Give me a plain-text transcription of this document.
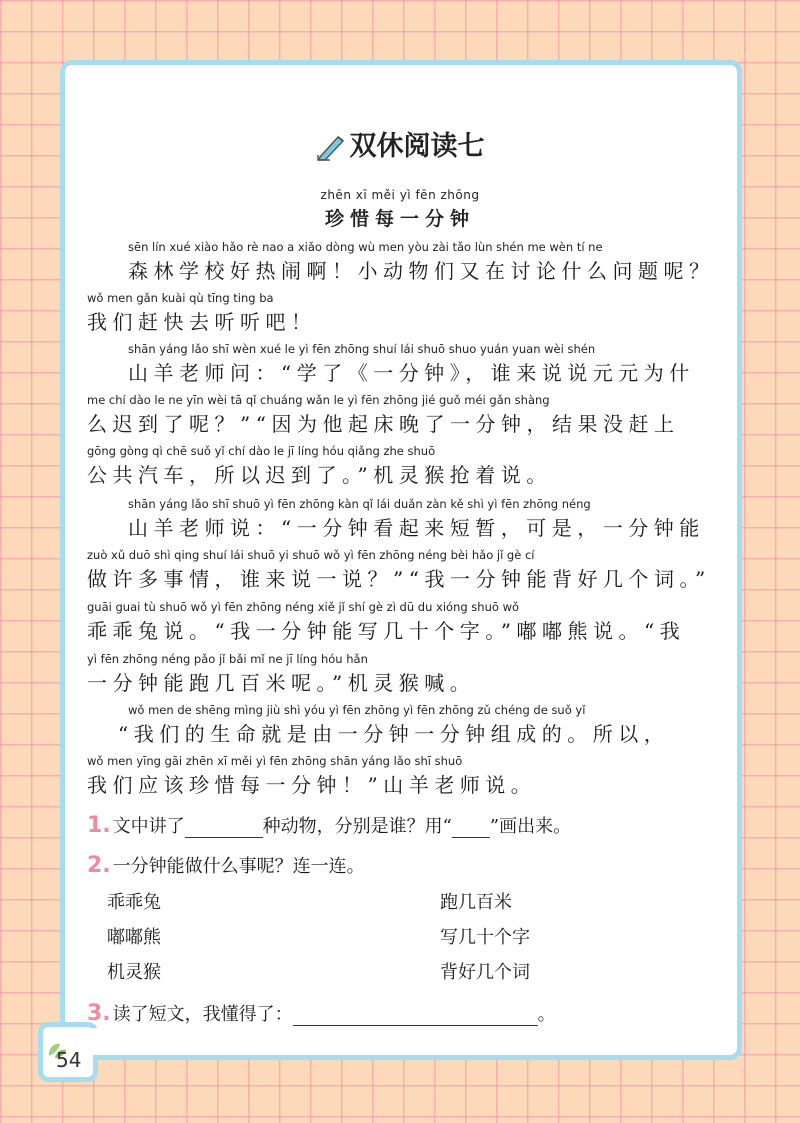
54
双休阅读七
zhēn xī měi yì fēn zhōng
珍惜每一分钟
sēn lín xué xiào hǎo rè nao a xiǎo dòng wù men yòu zài tǎo lùn shén me wèn tí ne
森林学校好热闹啊！小动物们又在讨论什么问题呢？
wǒ men gǎn kuài qù tīng ting ba
我们赶快去听听吧！
shān yáng lǎo shī wèn xué le yì fēn zhōng shuí lái shuō shuo yuán yuan wèi shén
山羊老师问：“学了《一分钟》，谁来说说元元为什
me chí dào le ne yīn wèi tā qǐ chuáng wǎn le yì fēn zhōng jié guǒ méi gǎn shàng
么迟到了呢？”“因为他起床晚了一分钟，结果没赶上
gōng gòng qì chē suǒ yǐ chí dào le jī líng hóu qiǎng zhe shuō
公共汽车，所以迟到了。”机灵猴抢着说。
shān yáng lǎo shī shuō yì fēn zhōng kàn qǐ lái duǎn zàn kě shì yì fēn zhōng néng
山羊老师说：“一分钟看起来短暂，可是，一分钟能
zuò xǔ duō shì qing shuí lái shuō yi shuō wǒ yì fēn zhōng néng bèi hǎo jǐ gè cí
做许多事情，谁来说一说？”“我一分钟能背好几个词。”
guāi guai tù shuō wǒ yì fēn zhōng néng xiě jǐ shí gè zì dū du xióng shuō wǒ
乖乖兔说。“我一分钟能写几十个字。”嘟嘟熊说。“我
yì fēn zhōng néng pǎo jǐ bǎi mǐ ne jī líng hóu hǎn
一分钟能跑几百米呢。”机灵猴喊。
wǒ men de shēng mìng jiù shì yóu yì fēn zhōng yì fēn zhōng zǔ chéng de suǒ yǐ
“我们的生命就是由一分钟一分钟组成的。所以，
wǒ men yīng gāi zhēn xī měi yì fēn zhōng shān yáng lǎo shī shuō
我们应该珍惜每一分钟！”山羊老师说。
1. 文中讲了	种动物，分别是谁？用“ ”画出来。
2. 一分钟能做什么事呢？连一连。
乖乖兔
嘟嘟熊
机灵猴
跑几百米
写几十个字
背好几个词
3. 读了短文，我懂得了：	。
